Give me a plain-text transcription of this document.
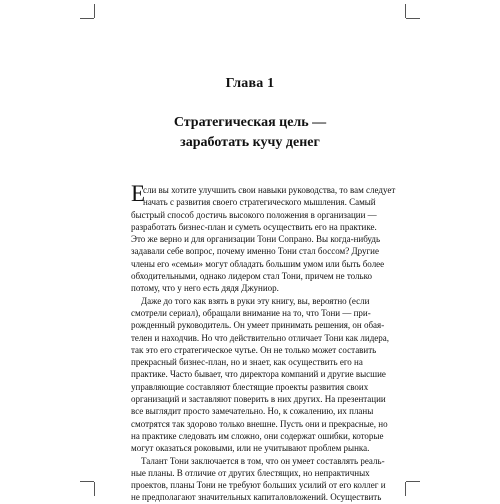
Глава 1
Стратегическая цель —
заработать кучу денег
Е
сли вы хотите улучшить свои навыки руководства, то вам следует
начать с развития своего стратегического мышления. Самый
быстрый способ достичь высокого положения в организации —
разработать бизнес-план и суметь осуществить его на практике.
Это же верно и для организации Тони Сопрано. Вы когда-нибудь
задавали себе вопрос, почему именно Тони стал боссом? Другие
члены его «семьи» могут обладать большим умом или быть более
обходительными, однако лидером стал Тони, причем не только
потому, что у него есть дядя Джуниор.
Даже до того как взять в руки эту книгу, вы, вероятно (если
смотрели сериал), обращали внимание на то, что Тони — при-
рожденный руководитель. Он умеет принимать решения, он обая-
телен и находчив. Но что действительно отличает Тони как лидера,
так это его стратегическое чутье. Он не только может составить
прекрасный бизнес-план, но и знает, как осуществить его на
практике. Часто бывает, что директора компаний и другие высшие
управляющие составляют блестящие проекты развития своих
организаций и заставляют поверить в них других. На презентации
все выглядит просто замечательно. Но, к сожалению, их планы
смотрятся так здорово только внешне. Пусть они и прекрасные, но
на практике следовать им сложно, они содержат ошибки, которые
могут оказаться роковыми, или не учитывают проблем рынка.
Талант Тони заключается в том, что он умеет составлять реаль-
ные планы. В отличие от других блестящих, но непрактичных
проектов, планы Тони не требуют больших усилий от его коллег и
не предполагают значительных капиталовложений. Осуществить
